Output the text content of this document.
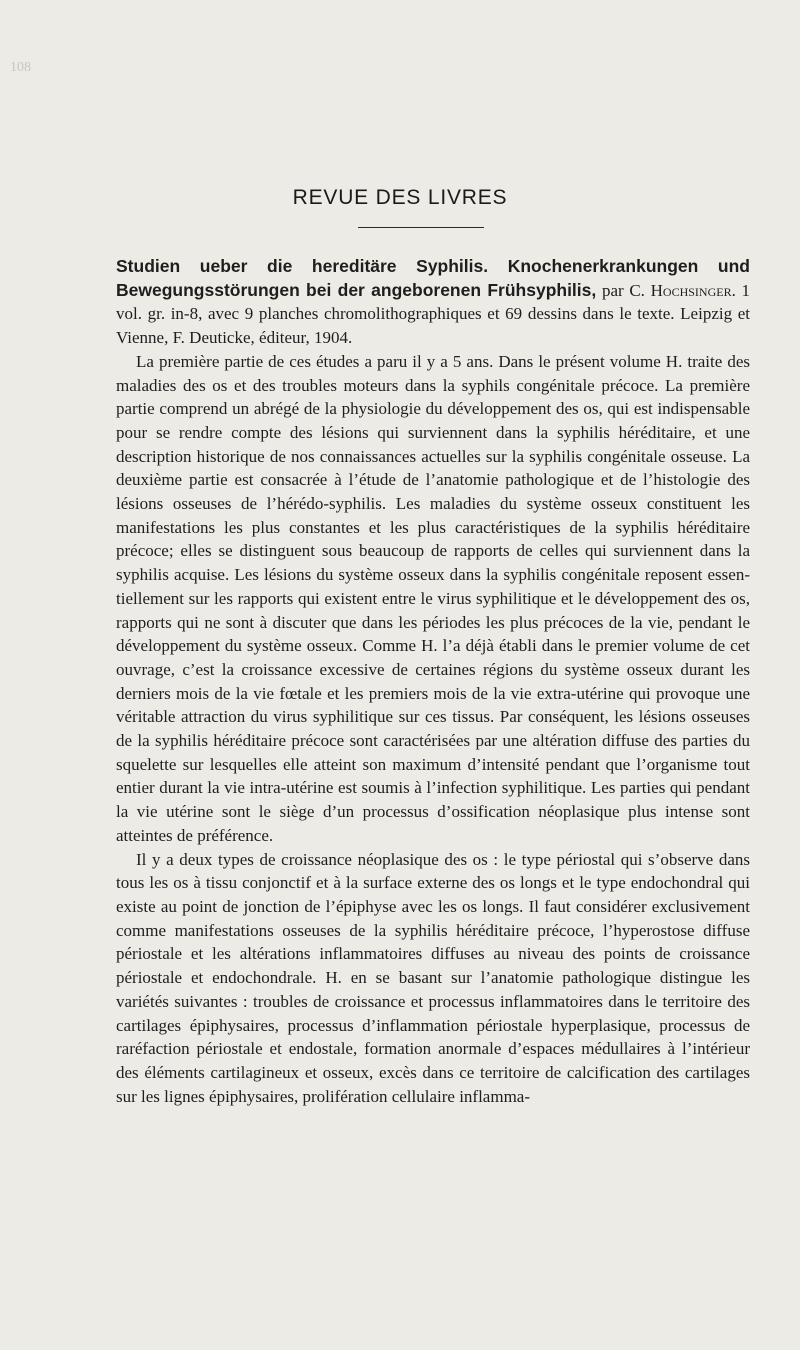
108
REVUE DES LIVRES

Studien ueber die hereditäre Syphilis. Knochenerkrankungen und Bewegungsstörungen bei der angeborenen Frühsyphilis, par C. Hochsinger. 1 vol. gr. in-8, avec 9 planches chromolithographiques et 69 dessins dans le texte. Leipzig et Vienne, F. Deuticke, éditeur, 1904.

La première partie de ces études a paru il y a 5 ans. Dans le présent volume H. traite des maladies des os et des troubles moteurs dans la syphils congénitale précoce. La première partie comprend un abrégé de la physiologie du développement des os, qui est indispensable pour se rendre compte des lésions qui surviennent dans la syphilis héréditaire, et une description historique de nos connaissances actuelles sur la syphilis congénitale osseuse. La deuxième partie est consacrée à l’étude de l’anatomie pathologique et de l’histologie des lésions osseuses de l’hérédo-syphilis. Les maladies du système osseux constituent les manifestations les plus constantes et les plus caractéristiques de la syphilis héréditaire précoce; elles se distinguent sous beaucoup de rapports de celles qui surviennent dans la syphilis acquise. Les lésions du système osseux dans la syphilis congénitale reposent essentiellement sur les rapports qui existent entre le virus syphilitique et le développement des os, rapports qui ne sont à discuter que dans les périodes les plus précoces de la vie, pendant le développement du système osseux. Comme H. l’a déjà établi dans le premier volume de cet ouvrage, c’est la croissance excessive de certaines régions du système osseux durant les derniers mois de la vie fœtale et les premiers mois de la vie extra-utérine qui provoque une véritable attraction du virus syphilitique sur ces tissus. Par conséquent, les lésions osseuses de la syphilis héréditaire précoce sont caractérisées par une altération diffuse des parties du squelette sur lesquelles elle atteint son maximum d’intensité pendant que l’organisme tout entier durant la vie intra-utérine est soumis à l’infection syphilitique. Les parties qui pendant la vie utérine sont le siège d’un processus d’ossification néoplasique plus intense sont atteintes de préférence.

Il y a deux types de croissance néoplasique des os : le type périostal qui s’observe dans tous les os à tissu conjonctif et à la surface externe des os longs et le type endochondral qui existe au point de jonction de l’épiphyse avec les os longs. Il faut considérer exclusivement comme manifestations osseuses de la syphilis héréditaire précoce, l’hyperostose diffuse périostale et les altérations inflammatoires diffuses au niveau des points de croissance périostale et endochondrale. H. en se basant sur l’anatomie pathologique distingue les variétés suivantes : troubles de croissance et processus inflammatoires dans le territoire des cartilages épiphysaires, processus d’inflammation périostale hyperplasique, processus de raréfaction périostale et endostale, formation anormale d’espaces médullaires à l’intérieur des éléments cartilagineux et osseux, excès dans ce territoire de calcification des cartilages sur les lignes épiphysaires, prolifération cellulaire inflamma-
